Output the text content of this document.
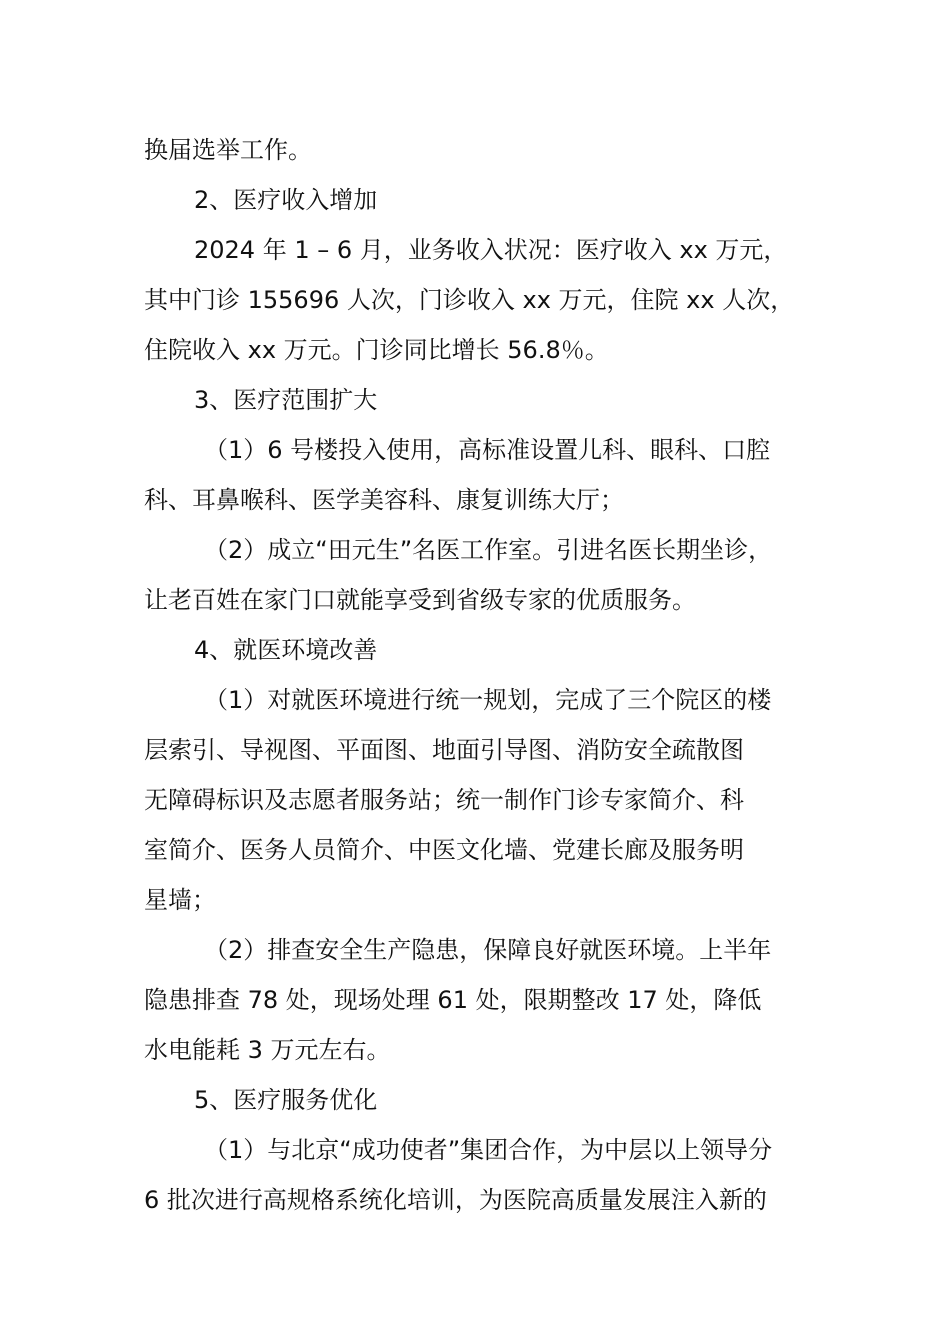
换届选举工作。

2、医疗收入增加

2024 年 1 – 6 月，业务收入状况：医疗收入 xx 万元，

其中门诊 155696 人次，门诊收入 xx 万元，住院 xx 人次，

住院收入 xx 万元。门诊同比增长 56.8％。

3、医疗范围扩大

（1）6 号楼投入使用，高标准设置儿科、眼科、口腔

科、耳鼻喉科、医学美容科、康复训练大厅；

（2）成立“田元生”名医工作室。引进名医长期坐诊，

让老百姓在家门口就能享受到省级专家的优质服务。

4、就医环境改善

（1）对就医环境进行统一规划，完成了三个院区的楼

层索引、导视图、平面图、地面引导图、消防安全疏散图

无障碍标识及志愿者服务站；统一制作门诊专家简介、科

室简介、医务人员简介、中医文化墙、党建长廊及服务明

星墙；

（2）排查安全生产隐患，保障良好就医环境。上半年

隐患排查 78 处，现场处理 61 处，限期整改 17 处，降低

水电能耗 3 万元左右。

5、医疗服务优化

（1）与北京“成功使者”集团合作，为中层以上领导分

6 批次进行高规格系统化培训，为医院高质量发展注入新的
